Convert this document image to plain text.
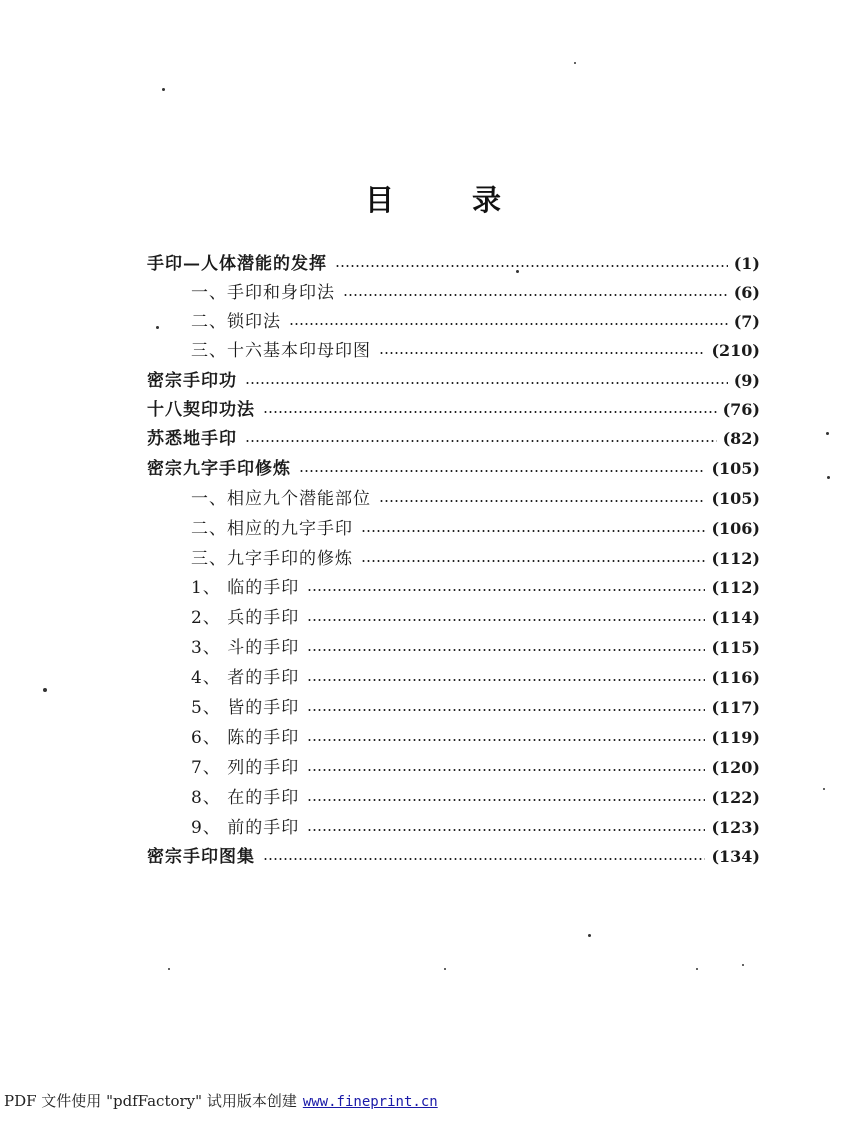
目	录
手印—人体潜能的发挥	(1)
一、手印和身印法	(6)
二、锁印法	(7)
三、十六基本印母印图	(210)
密宗手印功	(9)
十八契印功法	(76)
苏悉地手印	(82)
密宗九字手印修炼	(105)
一、相应九个潜能部位	(105)
二、相应的九字手印	(106)
三、九字手印的修炼	(112)
1、 临的手印	(112)
2、 兵的手印	(114)
3、 斗的手印	(115)
4、 者的手印	(116)
5、 皆的手印	(117)
6、 陈的手印	(119)
7、 列的手印	(120)
8、 在的手印	(122)
9、 前的手印	(123)
密宗手印图集	(134)
PDF 文件使用 "pdfFactory" 试用版本创建 www.fineprint.cn
